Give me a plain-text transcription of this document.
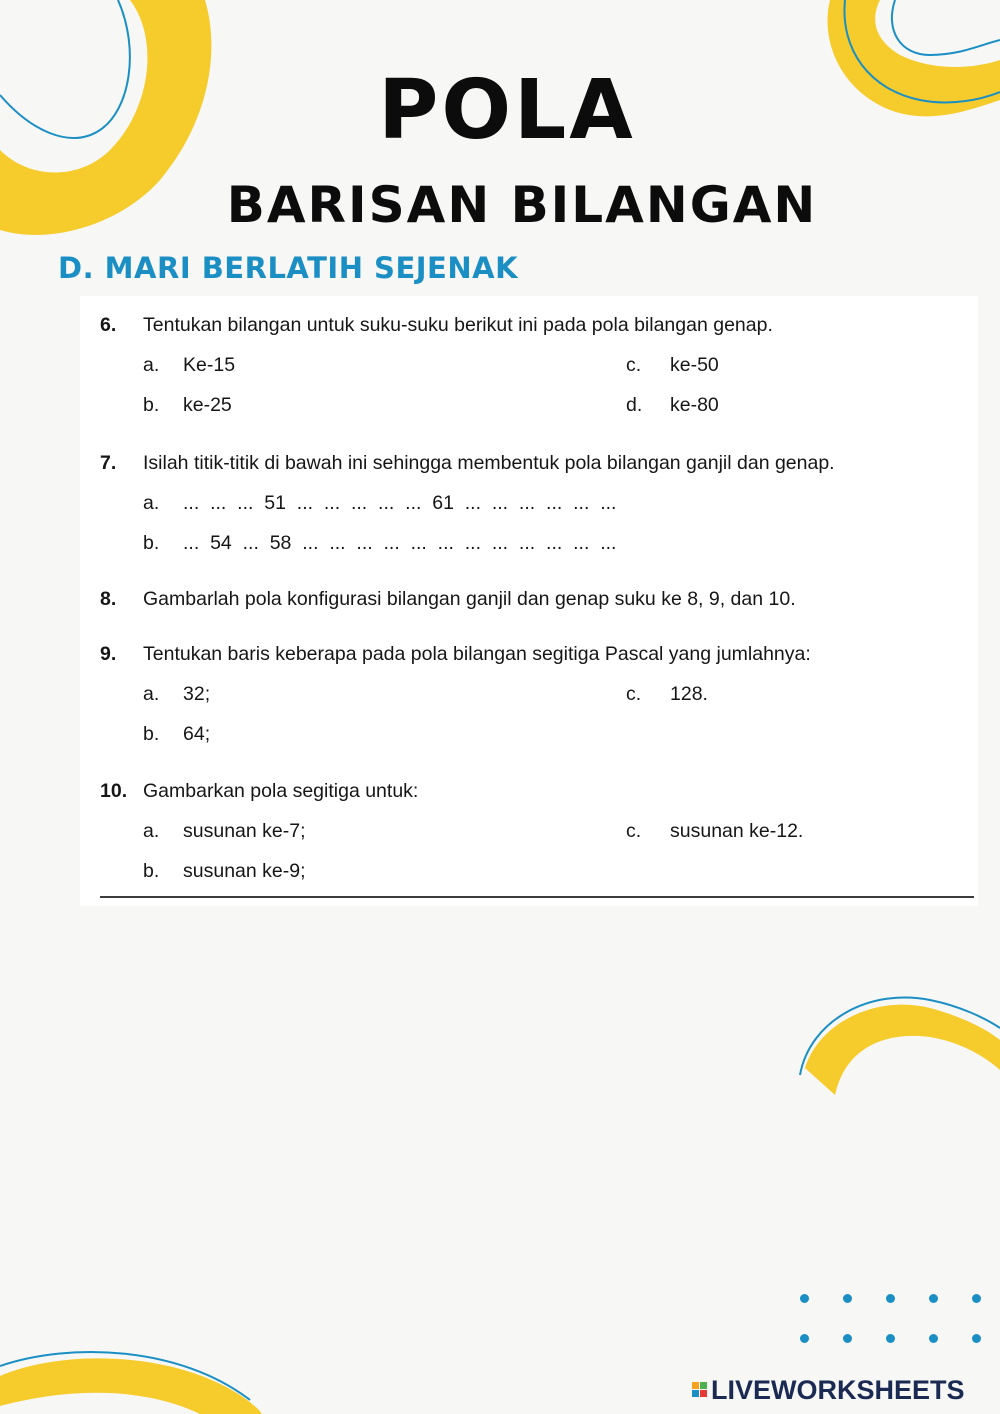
POLA
BARISAN BILANGAN
D. MARI BERLATIH SEJENAK
6. Tentukan bilangan untuk suku-suku berikut ini pada pola bilangan genap.
a. Ke-15	c. ke-50
b. ke-25	d. ke-80
7. Isilah titik-titik di bawah ini sehingga membentuk pola bilangan ganjil dan genap.
a. ...  ...  ...  51  ...  ...  ...  ...  ...  61  ...  ...  ...  ...  ...  ...
b. ...  54  ...  58  ...  ...  ...  ...  ...  ...  ...  ...  ...  ...  ...  ...
8. Gambarlah pola konfigurasi bilangan ganjil dan genap suku ke 8, 9, dan 10.
9. Tentukan baris keberapa pada pola bilangan segitiga Pascal yang jumlahnya:
a. 32;	c. 128.
b. 64;
10. Gambarkan pola segitiga untuk:
a. susunan ke-7;	c. susunan ke-12.
b. susunan ke-9;
LIVEWORKSHEETS
